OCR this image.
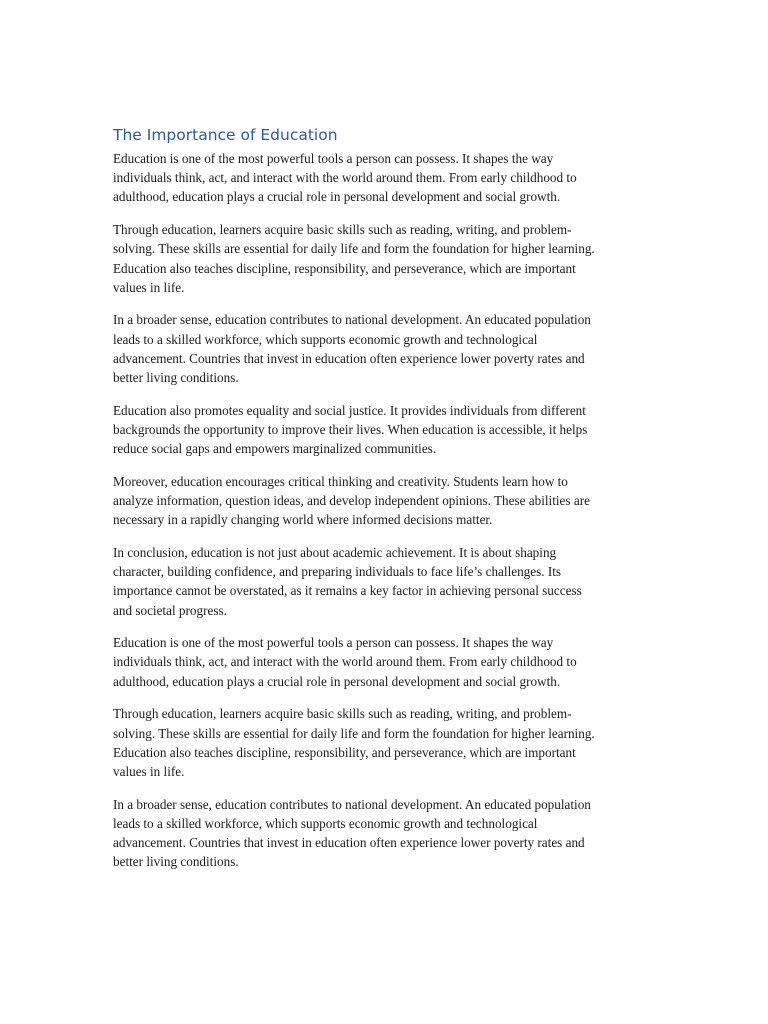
The Importance of Education

Education is one of the most powerful tools a person can possess. It shapes the way
individuals think, act, and interact with the world around them. From early childhood to
adulthood, education plays a crucial role in personal development and social growth.

Through education, learners acquire basic skills such as reading, writing, and problem-
solving. These skills are essential for daily life and form the foundation for higher learning.
Education also teaches discipline, responsibility, and perseverance, which are important
values in life.

In a broader sense, education contributes to national development. An educated population
leads to a skilled workforce, which supports economic growth and technological
advancement. Countries that invest in education often experience lower poverty rates and
better living conditions.

Education also promotes equality and social justice. It provides individuals from different
backgrounds the opportunity to improve their lives. When education is accessible, it helps
reduce social gaps and empowers marginalized communities.

Moreover, education encourages critical thinking and creativity. Students learn how to
analyze information, question ideas, and develop independent opinions. These abilities are
necessary in a rapidly changing world where informed decisions matter.

In conclusion, education is not just about academic achievement. It is about shaping
character, building confidence, and preparing individuals to face life’s challenges. Its
importance cannot be overstated, as it remains a key factor in achieving personal success
and societal progress.

Education is one of the most powerful tools a person can possess. It shapes the way
individuals think, act, and interact with the world around them. From early childhood to
adulthood, education plays a crucial role in personal development and social growth.

Through education, learners acquire basic skills such as reading, writing, and problem-
solving. These skills are essential for daily life and form the foundation for higher learning.
Education also teaches discipline, responsibility, and perseverance, which are important
values in life.

In a broader sense, education contributes to national development. An educated population
leads to a skilled workforce, which supports economic growth and technological
advancement. Countries that invest in education often experience lower poverty rates and
better living conditions.
